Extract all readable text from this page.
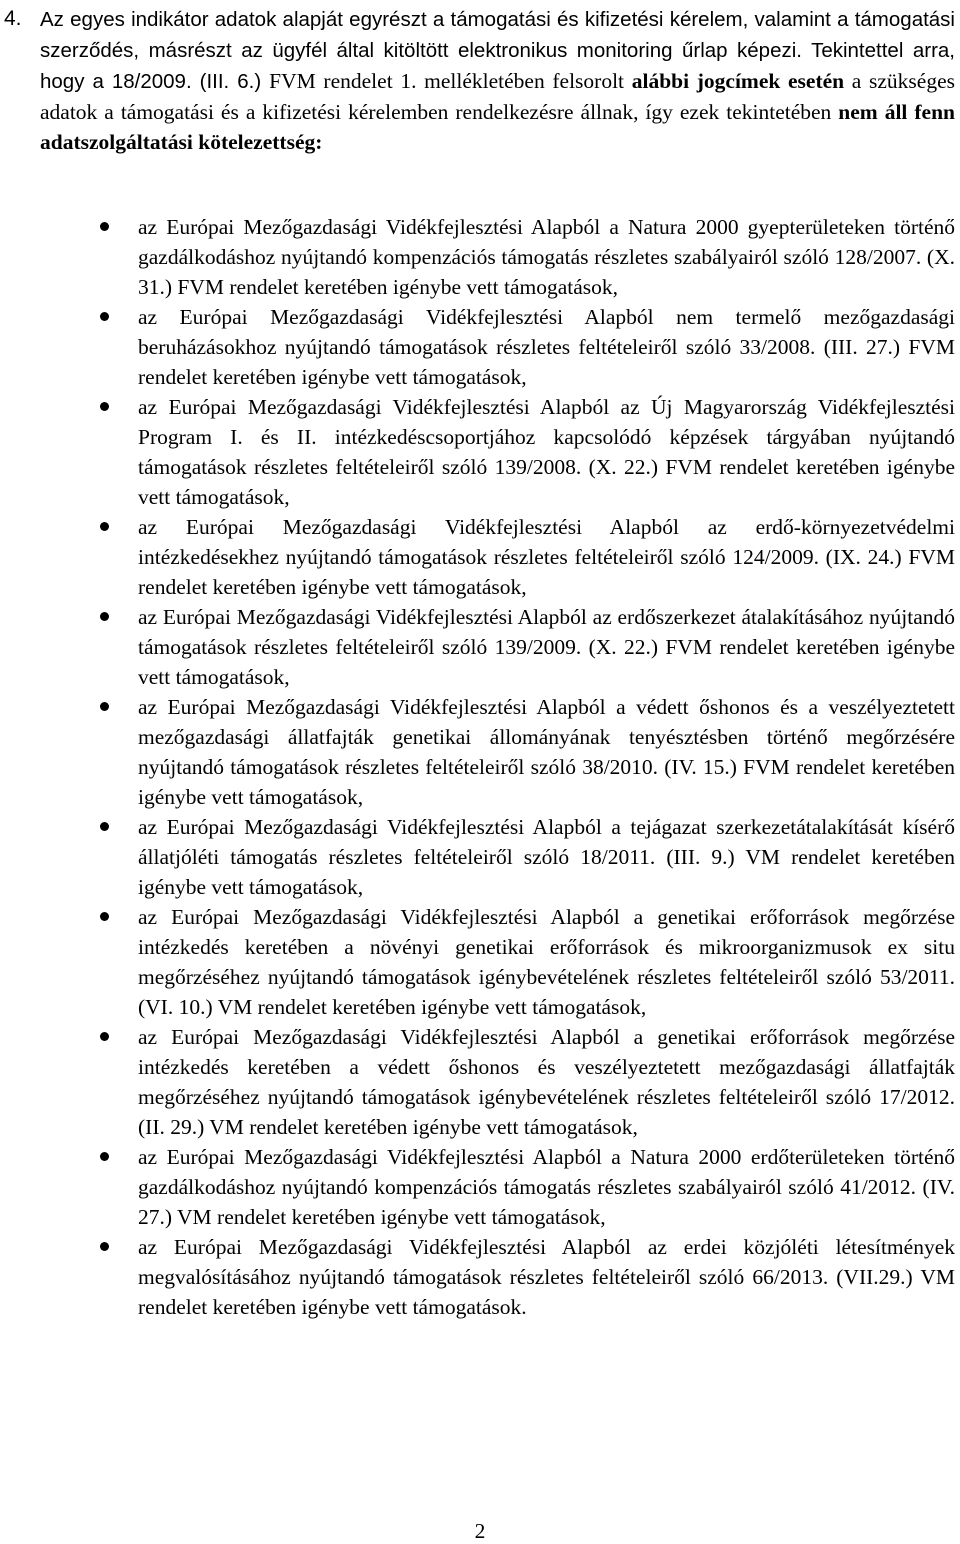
4. Az egyes indikátor adatok alapját egyrészt a támogatási és kifizetési kérelem, valamint a támogatási szerződés, másrészt az ügyfél által kitöltött elektronikus monitoring űrlap képezi. Tekintettel arra, hogy a 18/2009. (III. 6.) FVM rendelet 1. mellékletében felsorolt alábbi jogcímek esetén a szükséges adatok a támogatási és a kifizetési kérelemben rendelkezésre állnak, így ezek tekintetében nem áll fenn adatszolgáltatási kötelezettség:
az Európai Mezőgazdasági Vidékfejlesztési Alapból a Natura 2000 gyepterületeken történő gazdálkodáshoz nyújtandó kompenzációs támogatás részletes szabályairól szóló 128/2007. (X. 31.) FVM rendelet keretében igénybe vett támogatások,
az Európai Mezőgazdasági Vidékfejlesztési Alapból nem termelő mezőgazdasági beruházásokhoz nyújtandó támogatások részletes feltételeiről szóló 33/2008. (III. 27.) FVM rendelet keretében igénybe vett támogatások,
az Európai Mezőgazdasági Vidékfejlesztési Alapból az Új Magyarország Vidékfejlesztési Program I. és II. intézkedéscsoportjához kapcsolódó képzések tárgyában nyújtandó támogatások részletes feltételeiről szóló 139/2008. (X. 22.) FVM rendelet keretében igénybe vett támogatások,
az Európai Mezőgazdasági Vidékfejlesztési Alapból az erdő-környezetvédelmi intézkedésekhez nyújtandó támogatások részletes feltételeiről szóló 124/2009. (IX. 24.) FVM rendelet keretében igénybe vett támogatások,
az Európai Mezőgazdasági Vidékfejlesztési Alapból az erdőszerkezet átalakításához nyújtandó támogatások részletes feltételeiről szóló 139/2009. (X. 22.) FVM rendelet keretében igénybe vett támogatások,
az Európai Mezőgazdasági Vidékfejlesztési Alapból a védett őshonos és a veszélyeztetett mezőgazdasági állatfajták genetikai állományának tenyésztésben történő megőrzésére nyújtandó támogatások részletes feltételeiről szóló 38/2010. (IV. 15.) FVM rendelet keretében igénybe vett támogatások,
az Európai Mezőgazdasági Vidékfejlesztési Alapból a tejágazat szerkezetátalakítását kísérő állatjóléti támogatás részletes feltételeiről szóló 18/2011. (III. 9.) VM rendelet keretében igénybe vett támogatások,
az Európai Mezőgazdasági Vidékfejlesztési Alapból a genetikai erőforrások megőrzése intézkedés keretében a növényi genetikai erőforrások és mikroorganizmusok ex situ megőrzéséhez nyújtandó támogatások igénybevételének részletes feltételeiről szóló 53/2011. (VI. 10.) VM rendelet keretében igénybe vett támogatások,
az Európai Mezőgazdasági Vidékfejlesztési Alapból a genetikai erőforrások megőrzése intézkedés keretében a védett őshonos és veszélyeztetett mezőgazdasági állatfajták megőrzéséhez nyújtandó támogatások igénybevételének részletes feltételeiről szóló 17/2012. (II. 29.) VM rendelet keretében igénybe vett támogatások,
az Európai Mezőgazdasági Vidékfejlesztési Alapból a Natura 2000 erdőterületeken történő gazdálkodáshoz nyújtandó kompenzációs támogatás részletes szabályairól szóló 41/2012. (IV. 27.) VM rendelet keretében igénybe vett támogatások,
az Európai Mezőgazdasági Vidékfejlesztési Alapból az erdei közjóléti létesítmények megvalósításához nyújtandó támogatások részletes feltételeiről szóló 66/2013. (VII.29.) VM rendelet keretében igénybe vett támogatások.
2
